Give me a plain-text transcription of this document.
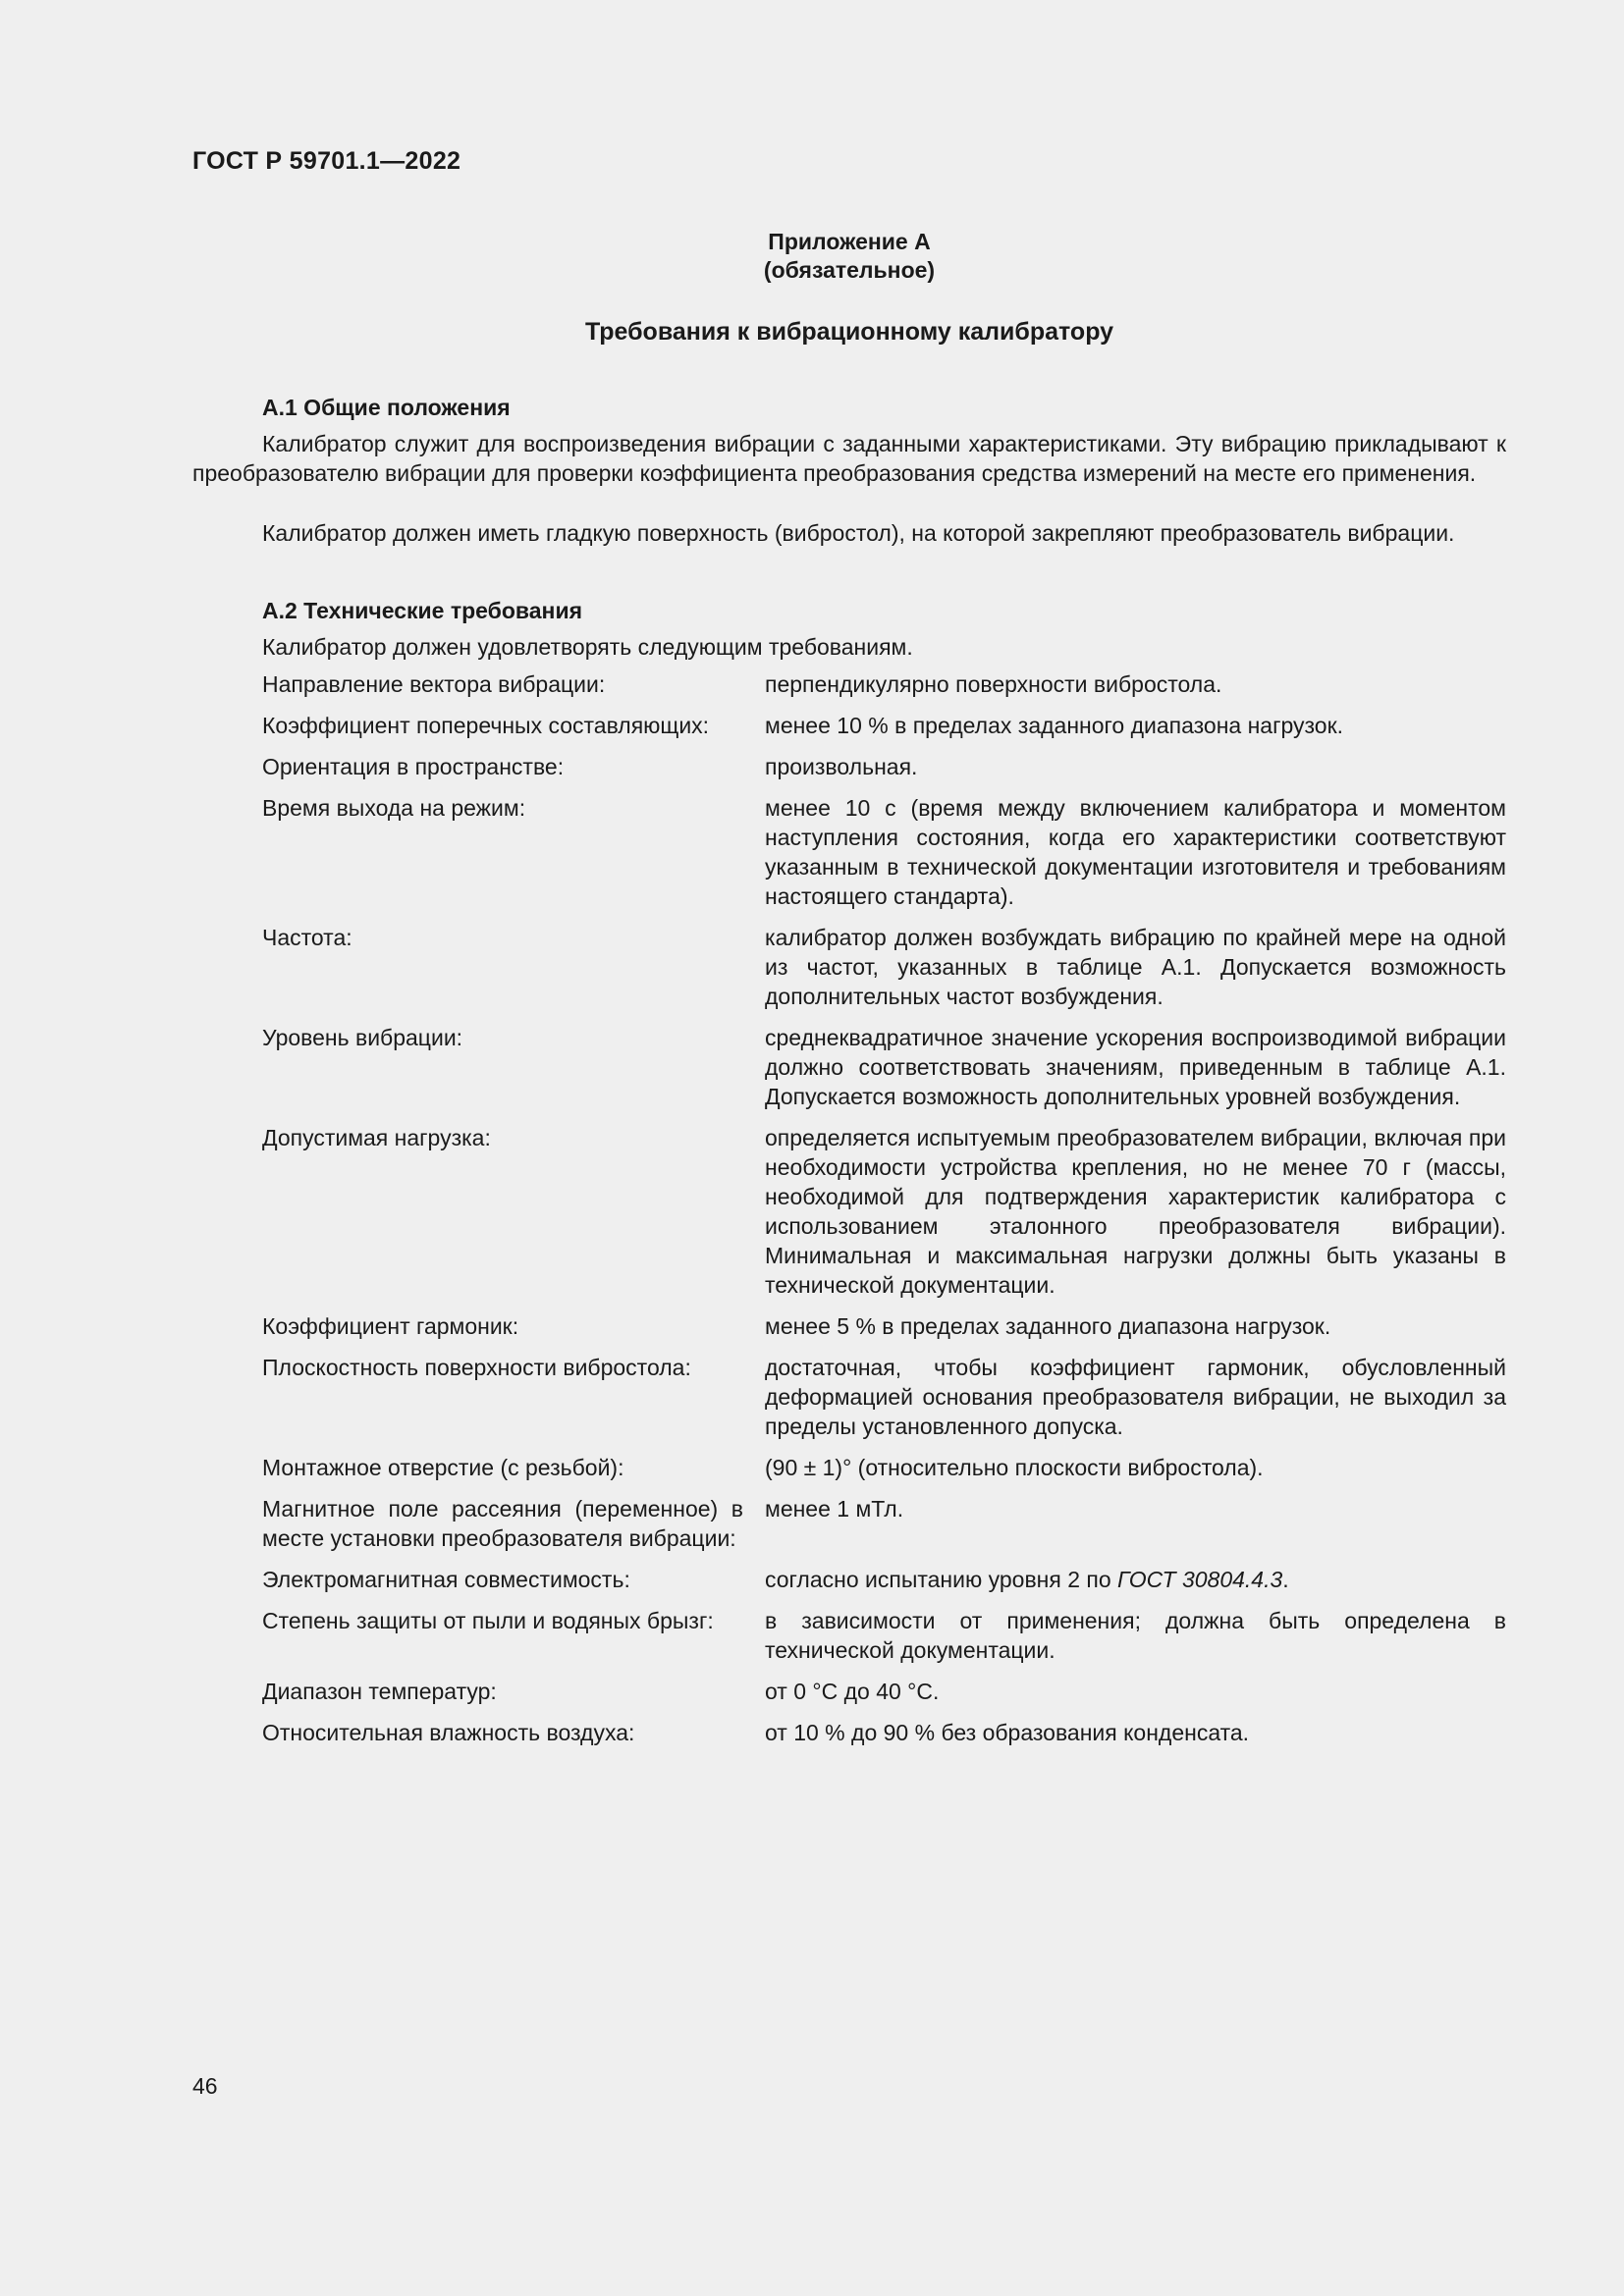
ГОСТ Р 59701.1—2022
Приложение А
(обязательное)
Требования к вибрационному калибратору
А.1 Общие положения
Калибратор служит для воспроизведения вибрации с заданными характеристиками. Эту вибрацию прикладывают к преобразователю вибрации для проверки коэффициента преобразования средства измерений на месте его применения.
Калибратор должен иметь гладкую поверхность (вибростол), на которой закрепляют преобразователь вибрации.
А.2 Технические требования
Калибратор должен удовлетворять следующим требованиям.
Направление вектора вибрации:	перпендикулярно поверхности вибростола.
Коэффициент поперечных составляющих:	менее 10 % в пределах заданного диапазона нагрузок.
Ориентация в пространстве:	произвольная.
Время выхода на режим:	менее 10 с (время между включением калибратора и моментом наступления состояния, когда его характеристики соответствуют указанным в технической документации изготовителя и требованиям настоящего стандарта).
Частота:	калибратор должен возбуждать вибрацию по крайней мере на одной из частот, указанных в таблице А.1. Допускается возможность дополнительных частот возбуждения.
Уровень вибрации:	среднеквадратичное значение ускорения воспроизводимой вибрации должно соответствовать значениям, приведенным в таблице А.1. Допускается возможность дополнительных уровней возбуждения.
Допустимая нагрузка:	определяется испытуемым преобразователем вибрации, включая при необходимости устройства крепления, но не менее 70 г (массы, необходимой для подтверждения характеристик калибратора с использованием эталонного преобразователя вибрации). Минимальная и максимальная нагрузки должны быть указаны в технической документации.
Коэффициент гармоник:	менее 5 % в пределах заданного диапазона нагрузок.
Плоскостность поверхности вибростола:	достаточная, чтобы коэффициент гармоник, обусловленный деформацией основания преобразователя вибрации, не выходил за пределы установленного допуска.
Монтажное отверстие (с резьбой):	(90 ± 1)° (относительно плоскости вибростола).
Магнитное поле рассеяния (переменное) в месте установки преобразователя вибрации:
менее 1 мТл.
Электромагнитная совместимость:	согласно испытанию уровня 2 по ГОСТ 30804.4.3.
Степень защиты от пыли и водяных брызг:	в зависимости от применения; должна быть определена в технической документации.
Диапазон температур:	от 0 °С до 40 °С.
Относительная влажность воздуха:	от 10 % до 90 % без образования конденсата.
46
